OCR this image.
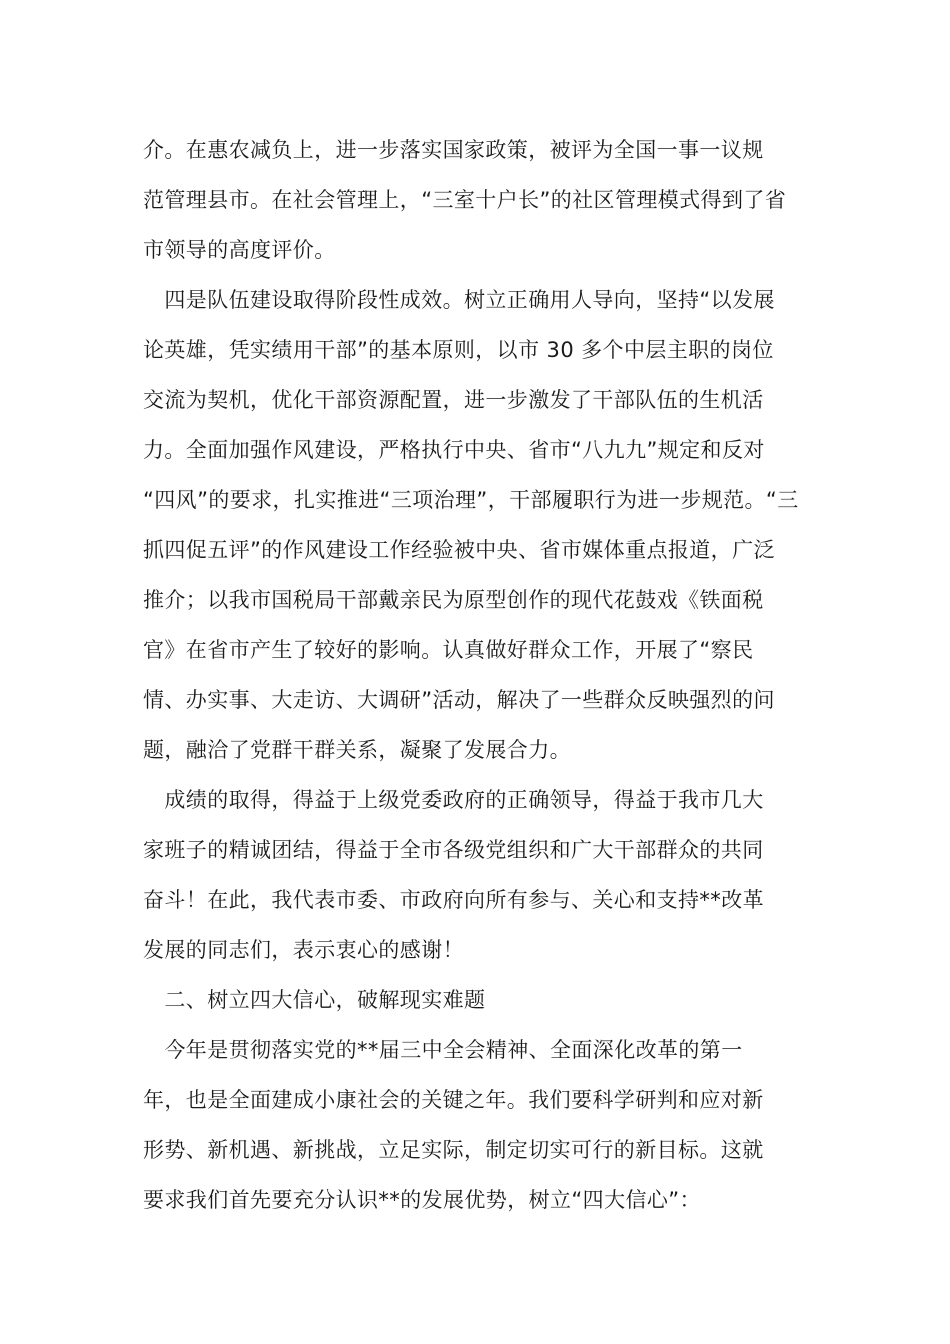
介。在惠农减负上，进一步落实国家政策，被评为全国一事一议规
范管理县市。在社会管理上，“三室十户长”的社区管理模式得到了省
市领导的高度评价。
　四是队伍建设取得阶段性成效。树立正确用人导向，坚持“以发展
论英雄，凭实绩用干部”的基本原则，以市 30 多个中层主职的岗位
交流为契机，优化干部资源配置，进一步激发了干部队伍的生机活
力。全面加强作风建设，严格执行中央、省市“八九九”规定和反对
“四风”的要求，扎实推进“三项治理”，干部履职行为进一步规范。“三
抓四促五评”的作风建设工作经验被中央、省市媒体重点报道，广泛
推介；以我市国税局干部戴亲民为原型创作的现代花鼓戏《铁面税
官》在省市产生了较好的影响。认真做好群众工作，开展了“察民
情、办实事、大走访、大调研”活动，解决了一些群众反映强烈的问
题，融洽了党群干群关系，凝聚了发展合力。
　成绩的取得，得益于上级党委政府的正确领导，得益于我市几大
家班子的精诚团结，得益于全市各级党组织和广大干部群众的共同
奋斗！在此，我代表市委、市政府向所有参与、关心和支持**改革
发展的同志们，表示衷心的感谢！
　二、树立四大信心，破解现实难题
　今年是贯彻落实党的**届三中全会精神、全面深化改革的第一
年，也是全面建成小康社会的关键之年。我们要科学研判和应对新
形势、新机遇、新挑战，立足实际，制定切实可行的新目标。这就
要求我们首先要充分认识**的发展优势，树立“四大信心”：
